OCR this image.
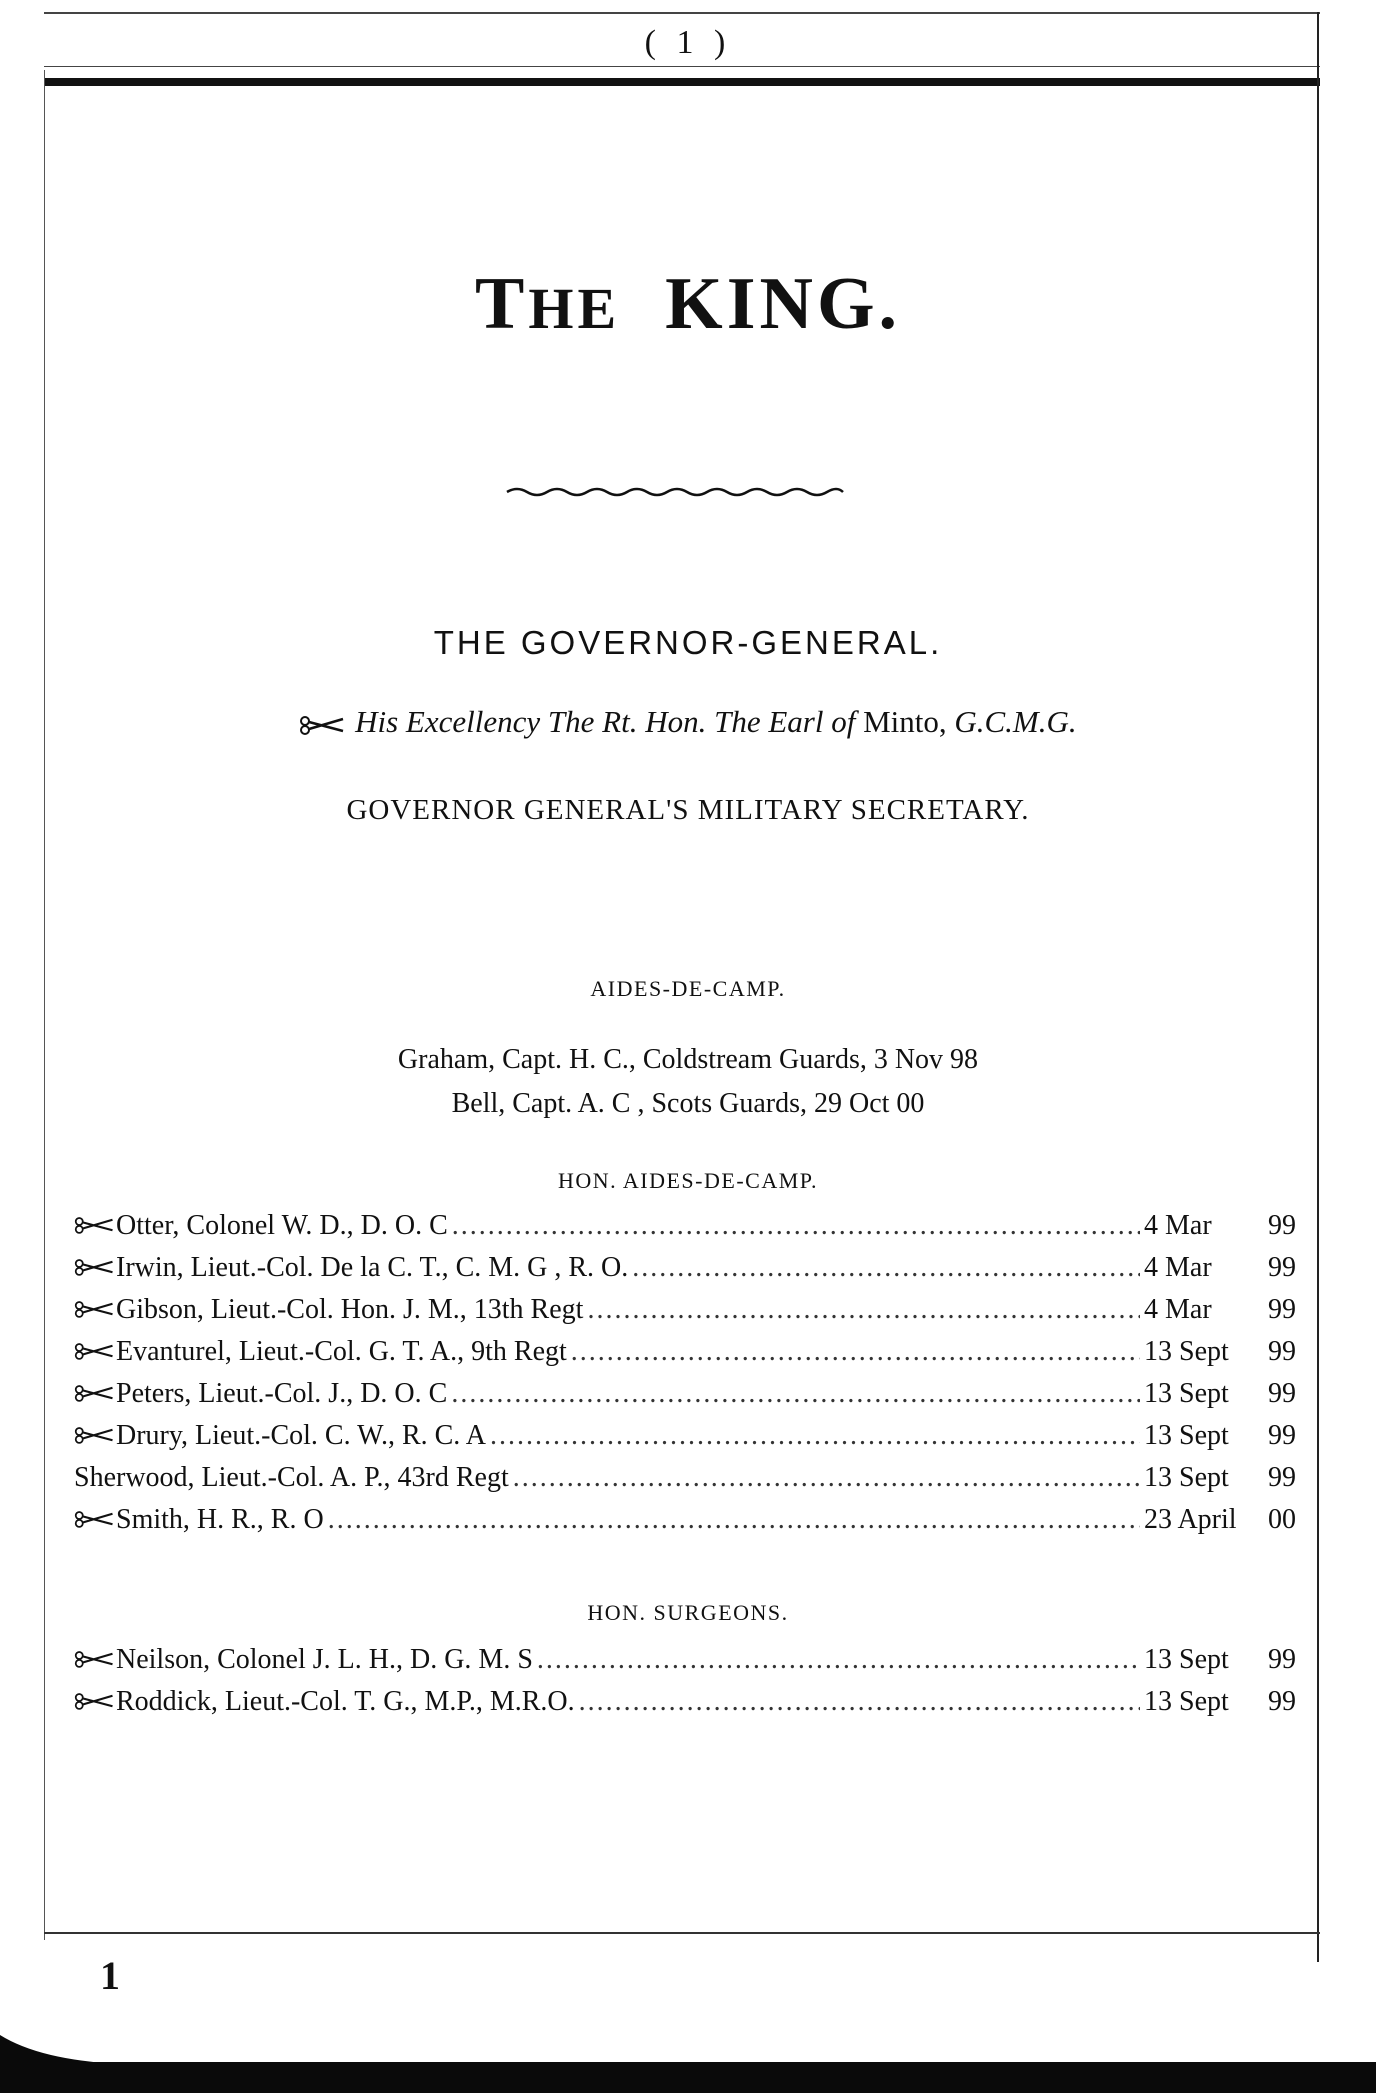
( 1 )
THE KING.
THE GOVERNOR-GENERAL.
His Excellency The Rt. Hon. The Earl of Minto, G.C.M.G.
GOVERNOR GENERAL'S MILITARY SECRETARY.
AIDES-DE-CAMP.
Graham, Capt. H. C., Coldstream Guards, 3 Nov 98
Bell, Capt. A. C , Scots Guards, 29 Oct 00
HON. AIDES-DE-CAMP.
Otter, Colonel W. D., D. O. C .....	4 Mar	99
Irwin, Lieut.-Col. De la C. T., C. M. G , R. O. .....	4 Mar	99
Gibson, Lieut.-Col. Hon. J. M., 13th Regt .....	4 Mar	99
Evanturel, Lieut.-Col. G. T. A., 9th Regt .....	13 Sept	99
Peters, Lieut.-Col. J., D. O. C .....	13 Sept	99
Drury, Lieut.-Col. C. W., R. C. A .....	13 Sept	99
Sherwood, Lieut.-Col. A. P., 43rd Regt .....	13 Sept	99
Smith, H. R., R. O .....	23 April	00
HON. SURGEONS.
Neilson, Colonel J. L. H., D. G. M. S .....	13 Sept	99
Roddick, Lieut.-Col. T. G., M.P., M.R.O. .....	13 Sept	99
1
